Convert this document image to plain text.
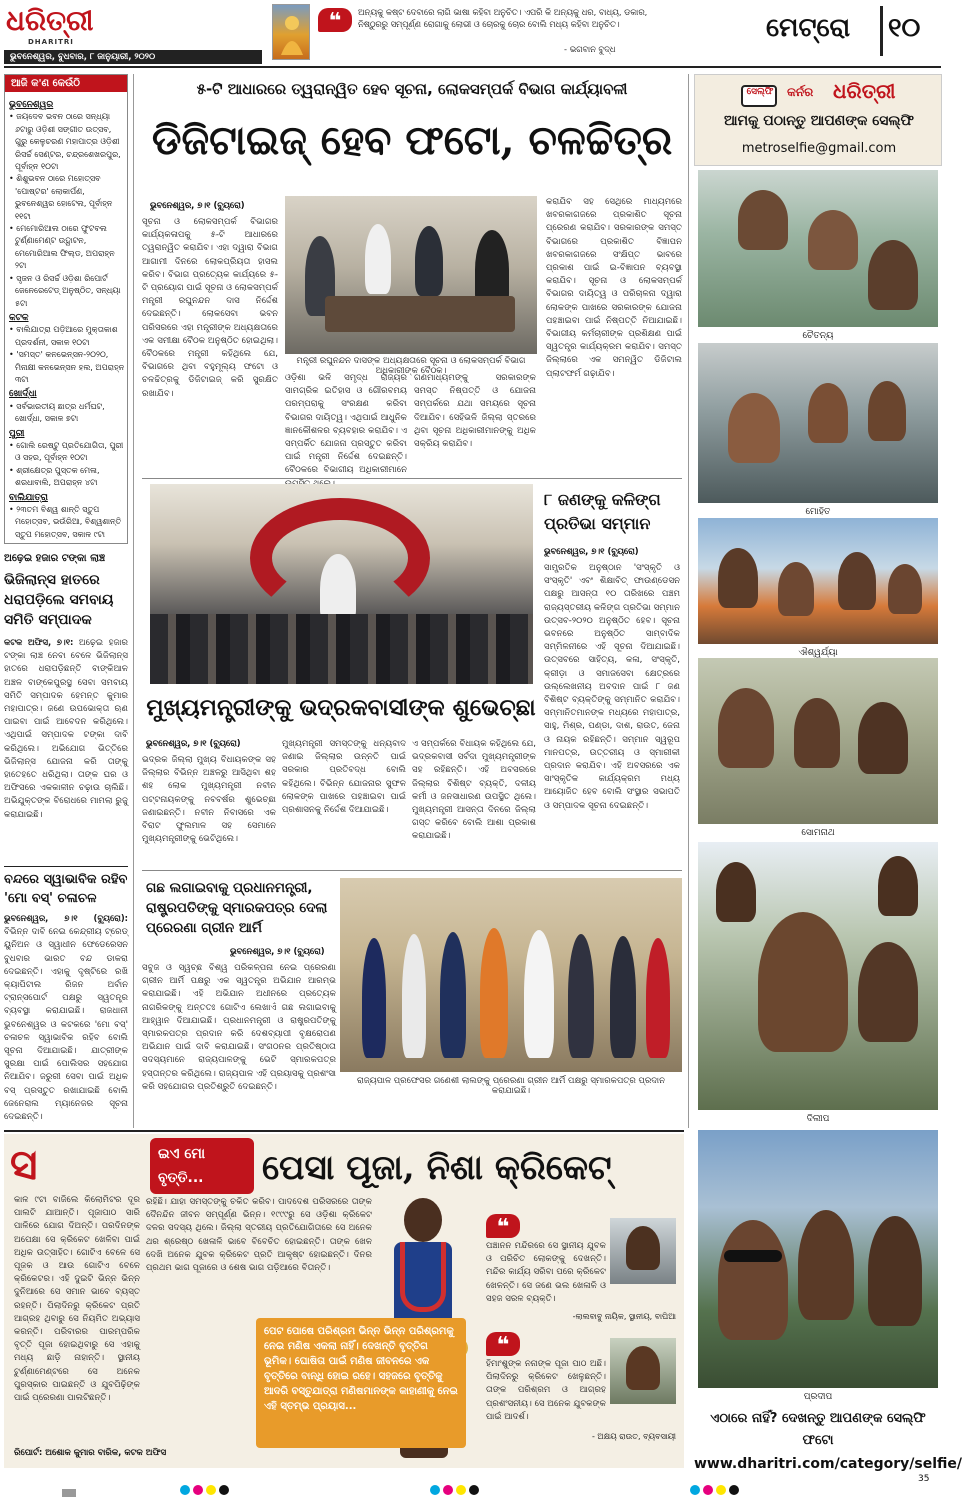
ଧରିତ୍ରୀ
DHARITRI
ଭୁବନେଶ୍ୱର, ବୁଧବାର, ୮ ଜାନୁୟାରୀ, ୨୦୨୦
❝	ଅନ୍ୟକୁ କଷ୍ଟ ଦେବାରେ ଲାଗି ଭାଷା କହିବା ଅନୁଚିତ। ଏପରି କି ଅନ୍ୟକୁ ଧର, ବାଧ୍ୟ, ଡକାର, ନିଷ୍ଠୁରରୁ ସମ୍ପୂର୍ଣ୍ଣ ରୋଗାକୁ ଲୋଭୀ ଓ ଚୋରକୁ ଚୋର ବୋଲି ମଧ୍ୟ କହିବା ଅନୁଚିତ।
- ଭଗବାନ ବୁଦ୍ଧ
ମେଟ୍ରୋ	୧୦
ଆଜି କ'ଣ କେଉଁଠି
ଭୁବନେଶ୍ୱର
• ଜୟଦେବ ଭବନ ଠାରେ ସନ୍ଧ୍ୟା ୬ଟାରୁ ଓଡ଼ିଶୀ ସଙ୍ଗୀତ ଉତ୍ସବ, ଗୁରୁ କେଳୁଚରଣ ମହାପାତ୍ର ଓଡ଼ିଶୀ ରିସର୍ଚ୍ଚ ସେଣ୍ଟର, ଚନ୍ଦ୍ରଶେଖରପୁର, ପୂର୍ବାହ୍ନ ୧୦ଟା
• ଶିଶୁଭବନ ଠାରେ ମହୋତ୍ସବ 'ପୋଷ୍ଟର' ଲୋକାର୍ପଣ, ଭୁବନେଶ୍ୱର ହୋଟେଲ, ପୂର୍ବାହ୍ନ ୧୧ଟା
• ମେମୋରିଆଲ ଠାରେ ଫୁଟବଲ ଟୁର୍ଣ୍ଣାମେଣ୍ଟ ଉଦ୍ଘାଟନ, ମେମୋରିଆଲ ଫିଲ୍ଡ, ଅପରାହ୍ନ ୨ଟା
• ସୃଜନ ଓ ରିସର୍ଚ୍ଚ ଓଡ଼ିଶା ରିପୋର୍ଟ ଜେନେରେଟେଡ୍ ଅନୁଷ୍ଠିତ, ସନ୍ଧ୍ୟା ୫ଟା
କଟକ
• ବାଲିଯାତ୍ରା ପଡ଼ିଆରେ ମୁକ୍ତାକାଶ ପ୍ରଦର୍ଶନୀ, ସକାଳ ୧୦ଟା
• 'ସମସ୍ତ' କନଭେନ୍ସନ-୨୦୨୦, ମିନାକ୍ଷୀ କନଭେନ୍ସନ ହଲ, ଅପରାହ୍ନ ୩ଟା
ଖୋର୍ଦ୍ଧା
• ସର୍ବଭାରତୀୟ ଛାତ୍ର ଧର୍ମଘଟ, ଖୋର୍ଦ୍ଧା, ସକାଳ ୭ଟା
ପୁରୀ
• ଗୋଲି ରେଷ୍ଟୁ ପ୍ରତିଯୋଗିତା, ପୁରୀ ଓ ସହର, ପୂର୍ବାହ୍ନ ୧୦ଟା
• ଶ୍ରୀକ୍ଷେତ୍ର ପୁସ୍ତକ ମେଳା, ଶରଧାବାଲି, ଅପରାହ୍ନ ୪ଟା
ବାଲିଯାତ୍ରା
• ୨୩ତମ ବିଶ୍ୱ ଶାନ୍ତି ସ୍ତୁପ ମହୋତ୍ସବ, ଭଉଁରିଆ, ବିଶ୍ୱଶାନ୍ତି ସ୍ତୁପ ମହୋତ୍ସବ, ସକାଳ ୯ଟା
ଅଢ଼େଇ ହଜାର ଟଙ୍କା ଲାଞ୍ଚ
ଭିଜିଲାନ୍ସ ହାତରେ ଧରାପଡ଼ିଲେ ସମବାୟ ସମିତି ସମ୍ପାଦକ
କଟକ ଅଫିସ, ୭।୧: ଅଢ଼େଇ ହଜାର ଟଙ୍କା ଲାଞ୍ଚ ନେବା ବେଳେ ଭିଜିଲାନ୍ସ ହାତରେ ଧରାପଡ଼ିଛନ୍ତି ବାଙ୍କିଆଳ ଅଞ୍ଚଳ ବାଙ୍କେପୁରସ୍ଥ ସେବା ସମବାୟ ସମିତି ସମ୍ପାଦକ ହେମନ୍ତ କୁମାର ମହାପାତ୍ର। ଜଣେ ଉପଭୋକ୍ତା ଋଣ ପାଇବା ପାଇଁ ଆବେଦନ କରିଥିଲେ। ଏଥିପାଇଁ ସମ୍ପାଦକ ଟଙ୍କା ଦାବି କରିଥିଲେ। ଅଭିଯୋଗ ଭିତ୍ତିରେ ଭିଜିଲାନ୍ସ ଯୋଜନା କରି ତାଙ୍କୁ ହାତେହତେ ଧରିଥିଲା। ତାଙ୍କ ଘର ଓ ଅଫିସରେ ଏକକାଳୀନ ଚଢ଼ାଉ ଚାଲିଛି। ଅଭିଯୁକ୍ତଙ୍କ ବିରୋଧରେ ମାମଲା ରୁଜୁ କରାଯାଇଛି।
ବନ୍ଦରେ ସ୍ୱାଭାବିକ ରହିବ 'ମୋ ବସ୍' ଚଳାଚଳ
ଭୁବନେଶ୍ୱର, ୭।୧ (ବ୍ୟୁରୋ): ବିଭିନ୍ନ ଦାବି ନେଇ କେନ୍ଦ୍ରୀୟ ଟ୍ରେଡ୍ ୟୁନିଅନ ଓ ସ୍ୱାଧୀନ ଫେଡେରେସନ ବୁଧବାର ଭାରତ ବନ୍ଦ ଡାକରା ଦେଇଛନ୍ତି। ଏହାକୁ ଦୃଷ୍ଟିରେ ରଖି କ୍ୟାପିଟାଲ ରିଜନ ଅର୍ବାନ ଟ୍ରାନ୍ସପୋର୍ଟ ପକ୍ଷରୁ ସ୍ୱତନ୍ତ୍ର ବ୍ୟବସ୍ଥା କରାଯାଇଛି। ରାଜଧାନୀ ଭୁବନେଶ୍ୱର ଓ କଟକରେ 'ମୋ ବସ୍' ଚଳାଚଳ ସ୍ୱାଭାବିକ ରହିବ ବୋଲି ସୂଚନା ଦିଆଯାଇଛି। ଯାତ୍ରୀଙ୍କ ସୁରକ୍ଷା ପାଇଁ ପୋଲିସର ସହଯୋଗ ନିଆଯିବ। ଜରୁରୀ ସେବା ପାଇଁ ଅଧିକ ବସ୍ ପ୍ରସ୍ତୁତ ରଖାଯାଇଛି ବୋଲି ଜେନେରାଲ ମ୍ୟାନେଜର ସୂଚନା ଦେଇଛନ୍ତି।
୫-ଟି ଆଧାରରେ ତ୍ୱରାନ୍ୱିତ ହେବ ସୂଚନା, ଲୋକସମ୍ପର୍କ ବିଭାଗ କାର୍ଯ୍ୟାବଳୀ
ଡିଜିଟାଇଜ୍ ହେବ ଫଟୋ, ଚଳଚ୍ଚିତ୍ର
ଭୁବନେଶ୍ୱର, ୭।୧ (ବ୍ୟୁରୋ)
ସୂଚନା ଓ ଲୋକସମ୍ପର୍କ ବିଭାଗର କାର୍ଯ୍ୟକଳାପକୁ ୫-ଟି ଆଧାରରେ ତ୍ୱରାନ୍ୱିତ କରାଯିବ। ଏହା ଦ୍ୱାରା ବିଭାଗ ଆଗାମୀ ଦିନରେ ଲୋକପ୍ରିୟତା ହାସଲ କରିବ। ବିଭାଗ ପ୍ରତ୍ୟେକ କାର୍ଯ୍ୟରେ ୫-ଟି ପ୍ରୟୋଗ ପାଇଁ ସୂଚନା ଓ ଲୋକସମ୍ପର୍କ ମନ୍ତ୍ରୀ ରଘୁନନ୍ଦନ ଦାସ ନିର୍ଦ୍ଦେଶ ଦେଇଛନ୍ତି। ଲୋକସେବା ଭବନ ପରିସରରେ ଏହା ମନ୍ତ୍ରୀଙ୍କ ଅଧ୍ୟକ୍ଷତାରେ ଏକ ସମୀକ୍ଷା ବୈଠକ ଅନୁଷ୍ଠିତ ହୋଇଥିଲା। ବୈଠକରେ ମନ୍ତ୍ରୀ କହିଥିଲେ ଯେ, ବିଭାଗରେ ଥିବା ବହୁମୂଲ୍ୟ ଫଟୋ ଓ ଚଳଚ୍ଚିତ୍ରକୁ ଡିଜିଟାଇଜ୍ କରି ସୁରକ୍ଷିତ ରଖାଯିବ।
ମନ୍ତ୍ରୀ ରଘୁନନ୍ଦନ ଦାସଙ୍କ ଅଧ୍ୟକ୍ଷତାରେ ସୂଚନା ଓ ଲୋକସମ୍ପର୍କ ବିଭାଗ ଅଧିକାରୀଙ୍କ ବୈଠକ।
କରାଯିବ ସହ ସେଥିରେ ମାଧ୍ୟମରେ ଖବରକାଗଜରେ ପ୍ରକାଶିତ ସୂଚନା ପ୍ରେରଣ କରାଯିବ। ସରକାରଙ୍କ ସମସ୍ତ ବିଭାଗରେ ପ୍ରକାଶିତ ବିଜ୍ଞାପନ ଖବରକାଗଜରେ ସଂକ୍ଷିପ୍ତ ଭାବରେ ପ୍ରକାଶ ପାଇଁ ଇ-ବିଜ୍ଞାପନ ବ୍ୟବସ୍ଥା କରାଯିବ। ସୂଚନା ଓ ଲୋକସମ୍ପର୍କ ବିଭାଗର ଦାୟିତ୍ୱ ଓ ପରିଚାଳନା ଦ୍ୱାରା ଲୋକଙ୍କ ପାଖରେ ସରକାରଙ୍କ ଯୋଜନା ପହଞ୍ଚାଇବା ପାଇଁ ନିଷ୍ପତ୍ତି ନିଆଯାଇଛି। ବିଭାଗୀୟ କର୍ମଚାରୀଙ୍କ ପ୍ରଶିକ୍ଷଣ ପାଇଁ ସ୍ୱତନ୍ତ୍ର କାର୍ଯ୍ୟକ୍ରମ କରାଯିବ। ସମସ୍ତ ଜିଲ୍ଲାରେ ଏକ ସମନ୍ୱିତ ଡିଜିଟାଲ ପ୍ଲାଟଫର୍ମ ଗଢ଼ାଯିବ।
ଓଡ଼ିଶା ଭଳି ସମୃଦ୍ଧ ରାଜ୍ୟର ସାମଗ୍ରିକ ଇତିହାସ ଓ ଗୌରବମୟ ପରମ୍ପରାକୁ ସଂରକ୍ଷଣ କରିବା ବିଭାଗର ଦାୟିତ୍ୱ। ଏଥିପାଇଁ ଆଧୁନିକ ଜ୍ଞାନକୌଶଳର ବ୍ୟବହାର କରାଯିବ। ଏ ସମ୍ପର୍କିତ ଯୋଜନା ପ୍ରସ୍ତୁତ କରିବା ପାଇଁ ମନ୍ତ୍ରୀ ନିର୍ଦ୍ଦେଶ ଦେଇଛନ୍ତି। ବୈଠକରେ ବିଭାଗୀୟ ଅଧିକାରୀମାନେ
ଗଣମାଧ୍ୟମଙ୍କୁ ସରକାରଙ୍କ ସମସ୍ତ ନିଷ୍ପତ୍ତି ଓ ଯୋଜନା ସମ୍ପର୍କରେ ଯଥା ସମୟରେ ସୂଚନା ଦିଆଯିବ। ସେହିଭଳି ଜିଲ୍ଲା ସ୍ତରରେ ଥିବା ସୂଚନା ଅଧିକାରୀମାନଙ୍କୁ ଅଧିକ ସକ୍ରିୟ କରାଯିବ।
୮ ଜଣଙ୍କୁ କଳିଙ୍ଗ ପ୍ରତିଭା ସମ୍ମାନ
ଭୁବନେଶ୍ୱର, ୭।୧ (ବ୍ୟୁରୋ)
ସାମ୍ପ୍ରତିକ ଅନୁଷ୍ଠାନ 'ସଂସ୍କୃତି ଓ ସଂସ୍କୃତି' ଏବଂ ଶିକ୍ଷାବିତ୍ ଫାଉଣ୍ଡେସନ ପକ୍ଷରୁ ଆସନ୍ତା ୧୦ ତାରିଖରେ ପଞ୍ଚମ ରାଜ୍ୟସ୍ତରୀୟ କଳିଙ୍ଗ ପ୍ରତିଭା ସମ୍ମାନ ଉତ୍ସବ-୨୦୨୦ ଅନୁଷ୍ଠିତ ହେବ। ସୂଚନା ଭବନରେ ଅନୁଷ୍ଠିତ ସାମ୍ବାଦିକ ସମ୍ମିଳନୀରେ ଏହି ସୂଚନା ଦିଆଯାଇଛି। ଉତ୍ସବରେ ସାହିତ୍ୟ, କଳା, ସଂସ୍କୃତି, କ୍ରୀଡ଼ା ଓ ସମାଜସେବା କ୍ଷେତ୍ରରେ ଉଲ୍ଲେଖନୀୟ ଅବଦାନ ପାଇଁ ୮ ଜଣ ବିଶିଷ୍ଟ ବ୍ୟକ୍ତିଙ୍କୁ ସମ୍ମାନିତ କରାଯିବ। ସମ୍ମାନିତମାନଙ୍କ ମଧ୍ୟରେ ମହାପାତ୍ର, ସାହୁ, ମିଶ୍ର, ପଣ୍ଡା, ଦାଶ, ରାଉତ, ଜେନା ଓ ନାୟକ ରହିଛନ୍ତି। ସମ୍ମାନ ସ୍ୱରୂପ ମାନପତ୍ର, ଉତ୍ତରୀୟ ଓ ସ୍ମାରୀକୀ ପ୍ରଦାନ କରାଯିବ। ଏହି ଅବସରରେ ଏକ ସାଂସ୍କୃତିକ କାର୍ଯ୍ୟକ୍ରମ ମଧ୍ୟ ଆୟୋଜିତ ହେବ ବୋଲି ସଂସ୍ଥାର ସଭାପତି ଓ ସମ୍ପାଦକ ସୂଚନା ଦେଇଛନ୍ତି।
ମୁଖ୍ୟମନ୍ତ୍ରୀଙ୍କୁ ଭଦ୍ରକବାସୀଙ୍କ ଶୁଭେଚ୍ଛା
ଭୁବନେଶ୍ୱର, ୭।୧ (ବ୍ୟୁରୋ)
ଭଦ୍ରକ ଜିଲ୍ଲା ମୁଖ୍ୟ ବିଧାୟକଙ୍କ ସହ ଜିଲ୍ଲାର ବିଭିନ୍ନ ଅଞ୍ଚଳରୁ ଆସିଥିବା ଶହ ଶହ ଲୋକ ମୁଖ୍ୟମନ୍ତ୍ରୀ ନବୀନ ପଟ୍ଟନାୟକଙ୍କୁ ନବବର୍ଷର ଶୁଭେଚ୍ଛା ଜଣାଇଛନ୍ତି। ନବୀନ ନିବାସରେ ଏକ ବିରାଟ ଫୁଲମାଳ ସହ ସେମାନେ ମୁଖ୍ୟମନ୍ତ୍ରୀଙ୍କୁ ଭେଟିଥିଲେ।
ମୁଖ୍ୟମନ୍ତ୍ରୀ ସମସ୍ତଙ୍କୁ ଧନ୍ୟବାଦ ଜଣାଇ ଜିଲ୍ଲାର ଉନ୍ନତି ପାଇଁ ସରକାର ପ୍ରତିବଦ୍ଧ ବୋଲି କହିଥିଲେ। ବିଭିନ୍ନ ଯୋଜନାର ସୁଫଳ ଲୋକଙ୍କ ପାଖରେ ପହଞ୍ଚାଇବା ପାଇଁ ପ୍ରଶାସନକୁ ନିର୍ଦ୍ଦେଶ ଦିଆଯାଇଛି।
ଏ ସମ୍ପର୍କରେ ବିଧାୟକ କହିଥିଲେ ଯେ, ଭଦ୍ରକବାସୀ ସର୍ବଦା ମୁଖ୍ୟମନ୍ତ୍ରୀଙ୍କ ସହ ରହିଛନ୍ତି। ଏହି ଅବସରରେ ଜିଲ୍ଲାର ବିଶିଷ୍ଟ ବ୍ୟକ୍ତି, ଦଳୀୟ କର୍ମୀ ଓ ଜନସାଧାରଣ ଉପସ୍ଥିତ ଥିଲେ। ମୁଖ୍ୟମନ୍ତ୍ରୀ ଆସନ୍ତା ଦିନରେ ଜିଲ୍ଲା ଗସ୍ତ କରିବେ ବୋଲି ଆଶା ପ୍ରକାଶ କରାଯାଇଛି।
ଗଛ ଲଗାଇବାକୁ ପ୍ରଧାନମନ୍ତ୍ରୀ, ରାଷ୍ଟ୍ରପତିଙ୍କୁ ସ୍ମାରକପତ୍ର ଦେଲା ପ୍ରେରଣା ଗ୍ରୀନ ଆର୍ମି
ଭୁବନେଶ୍ୱର, ୭।୧ (ବ୍ୟୁରୋ)
ସବୁଜ ଓ ସ୍ୱଚ୍ଛ ବିଶ୍ୱ ପରିକଳ୍ପନା ନେଇ ପ୍ରେରଣା ଗ୍ରୀନ ଆର୍ମି ପକ୍ଷରୁ ଏକ ସ୍ୱତନ୍ତ୍ର ଅଭିଯାନ ଆରମ୍ଭ କରାଯାଇଛି। ଏହି ଅଭିଯାନ ଅଧୀନରେ ପ୍ରତ୍ୟେକ ନାଗରିକଙ୍କୁ ଅନ୍ତତଃ ଗୋଟିଏ ଲେଖାଏଁ ଗଛ ଲଗାଇବାକୁ ଆହ୍ୱାନ ଦିଆଯାଇଛି। ପ୍ରଧାନମନ୍ତ୍ରୀ ଓ ରାଷ୍ଟ୍ରପତିଙ୍କୁ ସ୍ମାରକପତ୍ର ପ୍ରଦାନ କରି ଦେଶବ୍ୟାପୀ ବୃକ୍ଷରୋପଣ ଅଭିଯାନ ପାଇଁ ଦାବି କରାଯାଇଛି। ସଂଗଠନର ପ୍ରତିଷ୍ଠାତା ସଦସ୍ୟମାନେ ରାଜ୍ୟପାଳଙ୍କୁ ଭେଟି ସ୍ମାରକପତ୍ର ହସ୍ତାନ୍ତର କରିଥିଲେ। ରାଜ୍ୟପାଳ ଏହି ପ୍ରୟାସକୁ ପ୍ରଶଂସା କରି ସହଯୋଗର ପ୍ରତିଶ୍ରୁତି ଦେଇଛନ୍ତି।
ରାଜ୍ୟପାଳ ପ୍ରଫେସର ଗଣେଶୀ ଲାଲଙ୍କୁ ପ୍ରେରଣା ଗ୍ରୀନ ଆର୍ମି ପକ୍ଷରୁ ସ୍ମାରକପତ୍ର ପ୍ରଦାନ କରାଯାଇଛି।
ସେଲ୍ଫି କର୍ନର ଧରିତ୍ରୀ
ଆମକୁ ପଠାନ୍ତୁ ଆପଣଙ୍କ ସେଲ୍ଫି
metroselfie@gmail.com
ଚୈତନ୍ୟ
ମୋହିତ
ଐଶ୍ୱର୍ଯ୍ୟା
ସୋମନାଥ
ଦିଲୀପ
ପ୍ରଦୀପ
ଏଠାରେ ନାହିଁ? ଦେଖନ୍ତୁ ଆପଣଙ୍କ ସେଲ୍ଫି ଫଟୋ
www.dharitri.com/category/selfie/
ଇଏ ମୋ ବୃତ୍ତି...	ପେସା ପୂଜା, ନିଶା କ୍ରିକେଟ୍
ସ
କାଳ ୯ଟା ବାଜିଲେ କିଲୋମିଟର ଦୂର ପାଲଟି ଯାଆନ୍ତି। ପୂଜାପାଠ ସାରି ପାଳିରେ ଯୋଗ ଦିଅନ୍ତି। ପରଦିନଙ୍କ ଅପେକ୍ଷା ସେ କ୍ରିକେଟ ଖେଳିବା ପାଇଁ ଅଧିକ ଉତ୍ସାହିତ। ଗୋଟିଏ ବେଳେ ସେ ପୂଜକ ଓ ଆଉ ଗୋଟିଏ ବେଳେ କ୍ରିକେଟର। ଏହି ଦୁଇଟି ଭିନ୍ନ ଭିନ୍ନ ଦୁନିଆରେ ସେ ସମାନ ଭାବେ ବ୍ୟସ୍ତ ରହନ୍ତି। ପିଲାଦିନରୁ କ୍ରିକେଟ ପ୍ରତି ଆଗ୍ରହ ଥିବାରୁ ସେ ନିୟମିତ ଅଭ୍ୟାସ କରନ୍ତି। ପରିବାରର ପାରମ୍ପରିକ ବୃତ୍ତି ପୂଜା ହୋଇଥିବାରୁ ସେ ଏହାକୁ ମଧ୍ୟ ଛାଡ଼ି ନାହାନ୍ତି। ସ୍ଥାନୀୟ ଟୁର୍ଣ୍ଣାମେଣ୍ଟରେ ସେ ଅନେକ ପୁରସ୍କାର ପାଇଛନ୍ତି ଓ ଯୁବପିଢ଼ିଙ୍କ ପାଇଁ ପ୍ରେରଣା ପାଲଟିଛନ୍ତି।
ରହିଛି। ଯାହା ସମସ୍ତଙ୍କୁ ଚକିତ କରିବ। ପାଦଦେଶ ପରିସରରେ ତାଙ୍କ ଦୈନନ୍ଦିନ ଜୀବନ ସମ୍ପୂର୍ଣ୍ଣ ଭିନ୍ନ। ୧୯୯୯ରୁ ସେ ଓଡ଼ିଶା କ୍ରିକେଟ ଦଳର ସଦସ୍ୟ ଥିଲେ। ଜିଲ୍ଲା ସ୍ତରୀୟ ପ୍ରତିଯୋଗିତାରେ ସେ ଅନେକ ଥର ଶ୍ରେଷ୍ଠ ଖେଳାଳି ଭାବେ ବିବେଚିତ ହୋଇଛନ୍ତି। ତାଙ୍କ ଖେଳ ଦେଖି ଅନେକ ଯୁବକ କ୍ରିକେଟ ପ୍ରତି ଆକୃଷ୍ଟ ହୋଇଛନ୍ତି। ଦିନର ପ୍ରଥମ ଭାଗ ପୂଜାରେ ଓ ଶେଷ ଭାଗ ପଡ଼ିଆରେ ବିତାନ୍ତି।
ପେଟ ପୋଷେ ପରିଶ୍ରମ ଭିନ୍ନ ଭିନ୍ନ ପରିଶ୍ରମକୁ ନେଇ ମଣିଷ ଏକଲା ନାହିଁ। ଦେଖନ୍ତି ବୃତ୍ତିଗ ଭୂମିକ। ଘୋଷିତା ପାଇଁ ମଣିଷ ଜୀବନରେ ଏକ ବୃତ୍ତିରେ ବାନ୍ଧି ହୋଇ ରହେ। ସହଜରେ ବୃତ୍ତିକୁ ଆଦରି ବସ୍ତୁଯାତ୍ରା ମଣିଷମାନଙ୍କ କାହାଣୀକୁ ନେଇ ଏହି ସ୍ତମ୍ଭ ପ୍ରୟାସ...
❝
ପଞ୍ଚାନନ ମନ୍ଦିରରେ ସେ ସ୍ଥାନୀୟ ଯୁବକ ଓ ପରିଚିତ ଲୋକଙ୍କୁ ଦେଖନ୍ତି। ମନ୍ଦିର କାର୍ଯ୍ୟ ସରିବା ପରେ କ୍ରିକେଟ ଖେଳନ୍ତି। ସେ ଜଣେ ଭଲ ଖେଳାଳି ଓ ସହଜ ସରଳ ବ୍ୟକ୍ତି।
-ଲାଲବାବୁ ନାୟିକ, ସ୍ଥାନୀୟ, ବାଘିଆ
❝
ହିମାଂଶୁଙ୍କ ନନାଙ୍କ ପୂଜା ପାଠ ଅଛି। ପିଲାଦିନରୁ କ୍ରିକେଟ ଖେଳୁଛନ୍ତି। ତାଙ୍କ ପରିଶ୍ରମ ଓ ଆଗ୍ରହ ପ୍ରଶଂସନୀୟ। ସେ ଅନେକ ଯୁବକଙ୍କ ପାଇଁ ଆଦର୍ଶ।
- ଅକ୍ଷୟ ରାଉତ, ବ୍ୟବସାୟୀ
ରିପୋର୍ଟ: ଅଶୋକ କୁମାର ବାରିକ, କଟକ ଅଫିସ
35
